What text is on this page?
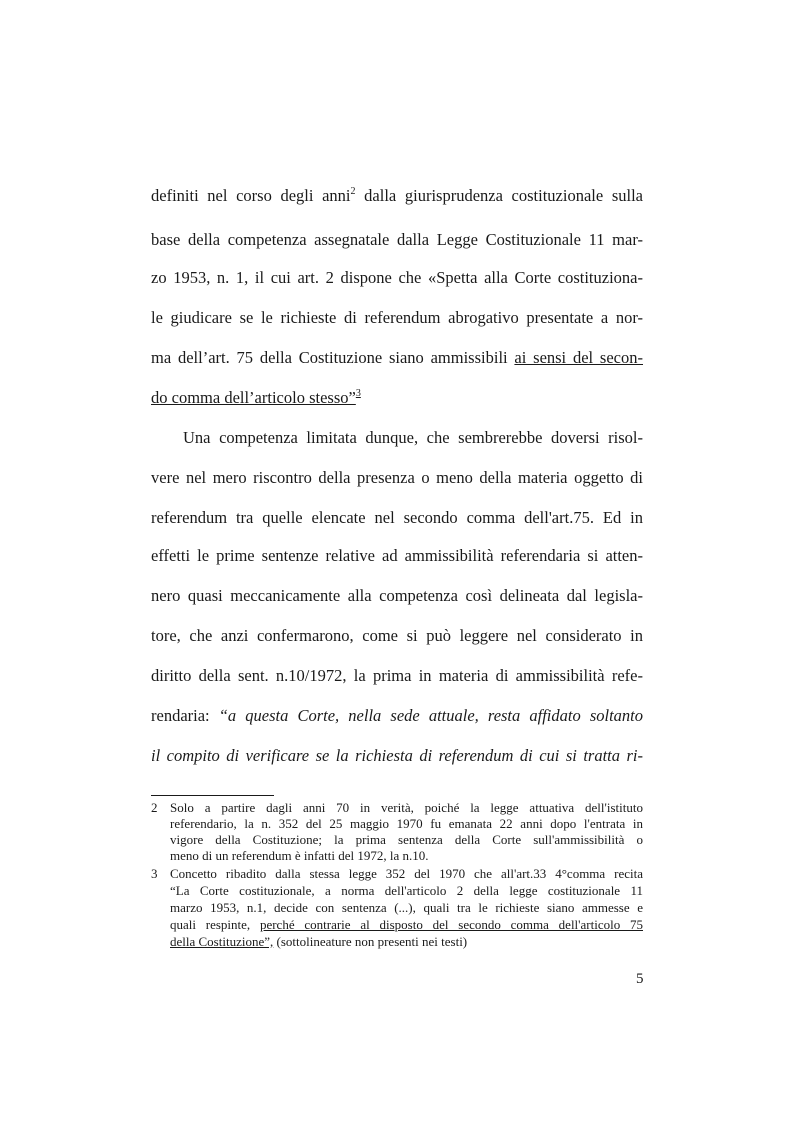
definiti nel corso degli anni$^2$ dalla giurisprudenza costituzionale sulla

base della competenza assegnatale dalla Legge Costituzionale 11 mar-

zo 1953, n. 1, il cui art. 2 dispone che «Spetta alla Corte costituziona-

le giudicare se le richieste di referendum abrogativo presentate a nor-

ma dell’art. 75 della Costituzione siano ammissibili ai sensi del secon-

do comma dell’articolo stesso”$^3$

Una competenza limitata dunque, che sembrerebbe doversi risol-

vere nel mero riscontro della presenza o meno della materia oggetto di

referendum tra quelle elencate nel secondo comma dell'art.75. Ed in

effetti le prime sentenze relative ad ammissibilità referendaria si atten-

nero quasi meccanicamente alla competenza così delineata dal legisla-

tore, che anzi confermarono, come si può leggere nel considerato in

diritto della sent. n.10/1972, la prima in materia di ammissibilità refe-

rendaria: “a questa Corte, nella sede attuale, resta affidato soltanto

il compito di verificare se la richiesta di referendum di cui si tratta ri-

2 Solo a partire dagli anni 70 in verità, poiché la legge attuativa dell'istituto

referendario, la n. 352 del 25 maggio 1970 fu emanata 22 anni dopo l'entrata in

vigore della Costituzione; la prima sentenza della Corte sull'ammissibilità o

meno di un referendum è infatti del 1972, la n.10.

3 Concetto ribadito dalla stessa legge 352 del 1970 che all'art.33 4°comma recita

“La Corte costituzionale, a norma dell'articolo 2 della legge costituzionale 11

marzo 1953, n.1, decide con sentenza (...), quali tra le richieste siano ammesse e

quali respinte, perché contrarie al disposto del secondo comma dell'articolo 75

della Costituzione”, (sottolineature non presenti nei testi)

5
